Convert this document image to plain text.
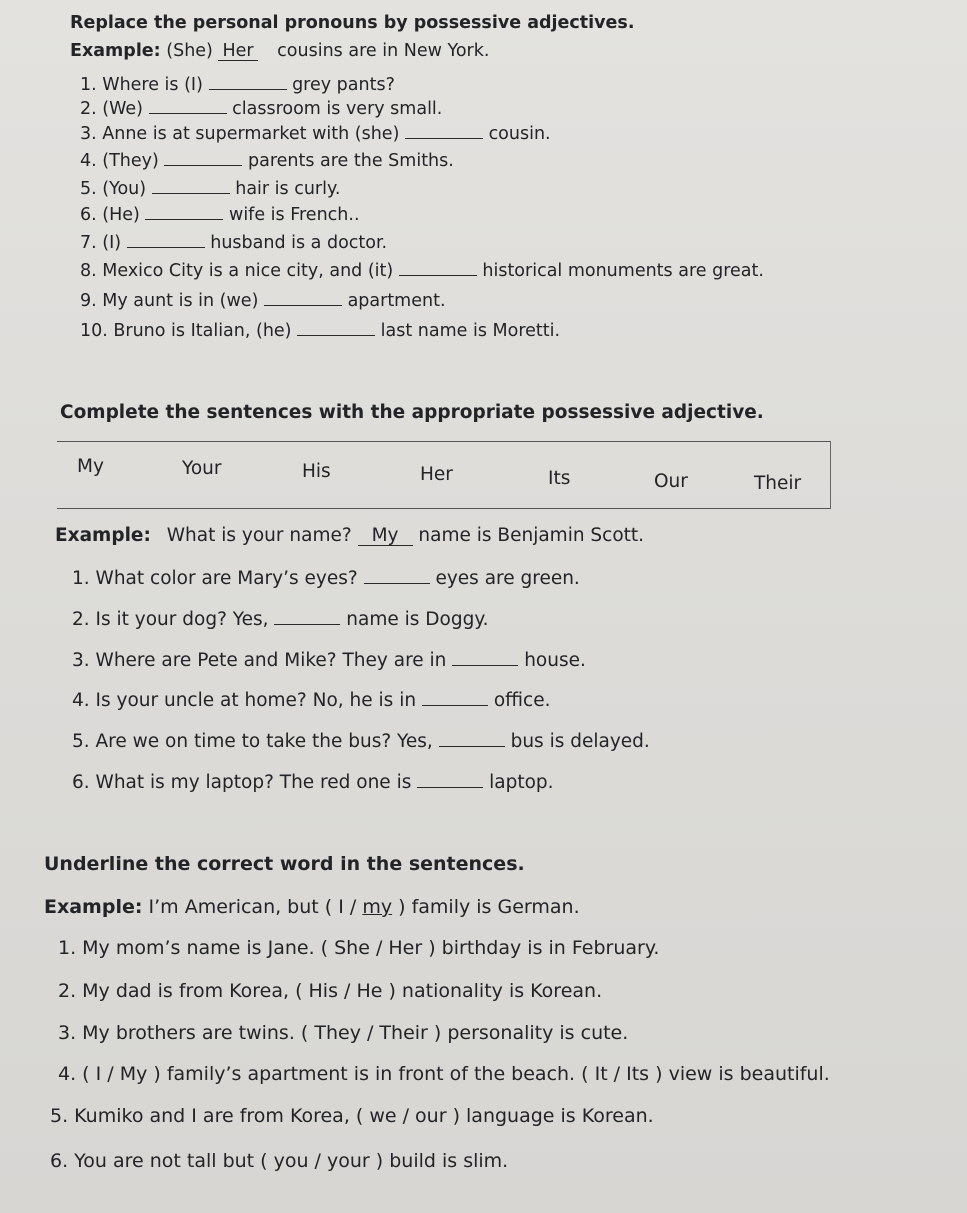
Replace the personal pronouns by possessive adjectives.
Example: (She) Her cousins are in New York.
1. Where is (I)	grey pants?
2. (We)	classroom is very small.
3. Anne is at supermarket with (she)	cousin.
4. (They)	parents are the Smiths.
5. (You)	hair is curly.
6. (He)	wife is French..
7. (I)	husband is a doctor.
8. Mexico City is a nice city, and (it)	historical monuments are great.
9. My aunt is in (we)	apartment.
10. Bruno is Italian, (he)	last name is Moretti.
Complete the sentences with the appropriate possessive adjective.
My	Your	His	Her	Its	Our	Their
Example: What is your name? My name is Benjamin Scott.
1. What color are Mary’s eyes?	eyes are green.
2. Is it your dog? Yes,	name is Doggy.
3. Where are Pete and Mike? They are in	house.
4. Is your uncle at home? No, he is in	office.
5. Are we on time to take the bus? Yes,	bus is delayed.
6. What is my laptop? The red one is	laptop.
Underline the correct word in the sentences.
Example: I’m American, but ( I / my ) family is German.
1. My mom’s name is Jane. ( She / Her ) birthday is in February.
2. My dad is from Korea, ( His / He ) nationality is Korean.
3. My brothers are twins. ( They / Their ) personality is cute.
4. ( I / My ) family’s apartment is in front of the beach. ( It / Its ) view is beautiful.
5. Kumiko and I are from Korea, ( we / our ) language is Korean.
6. You are not tall but ( you / your ) build is slim.
